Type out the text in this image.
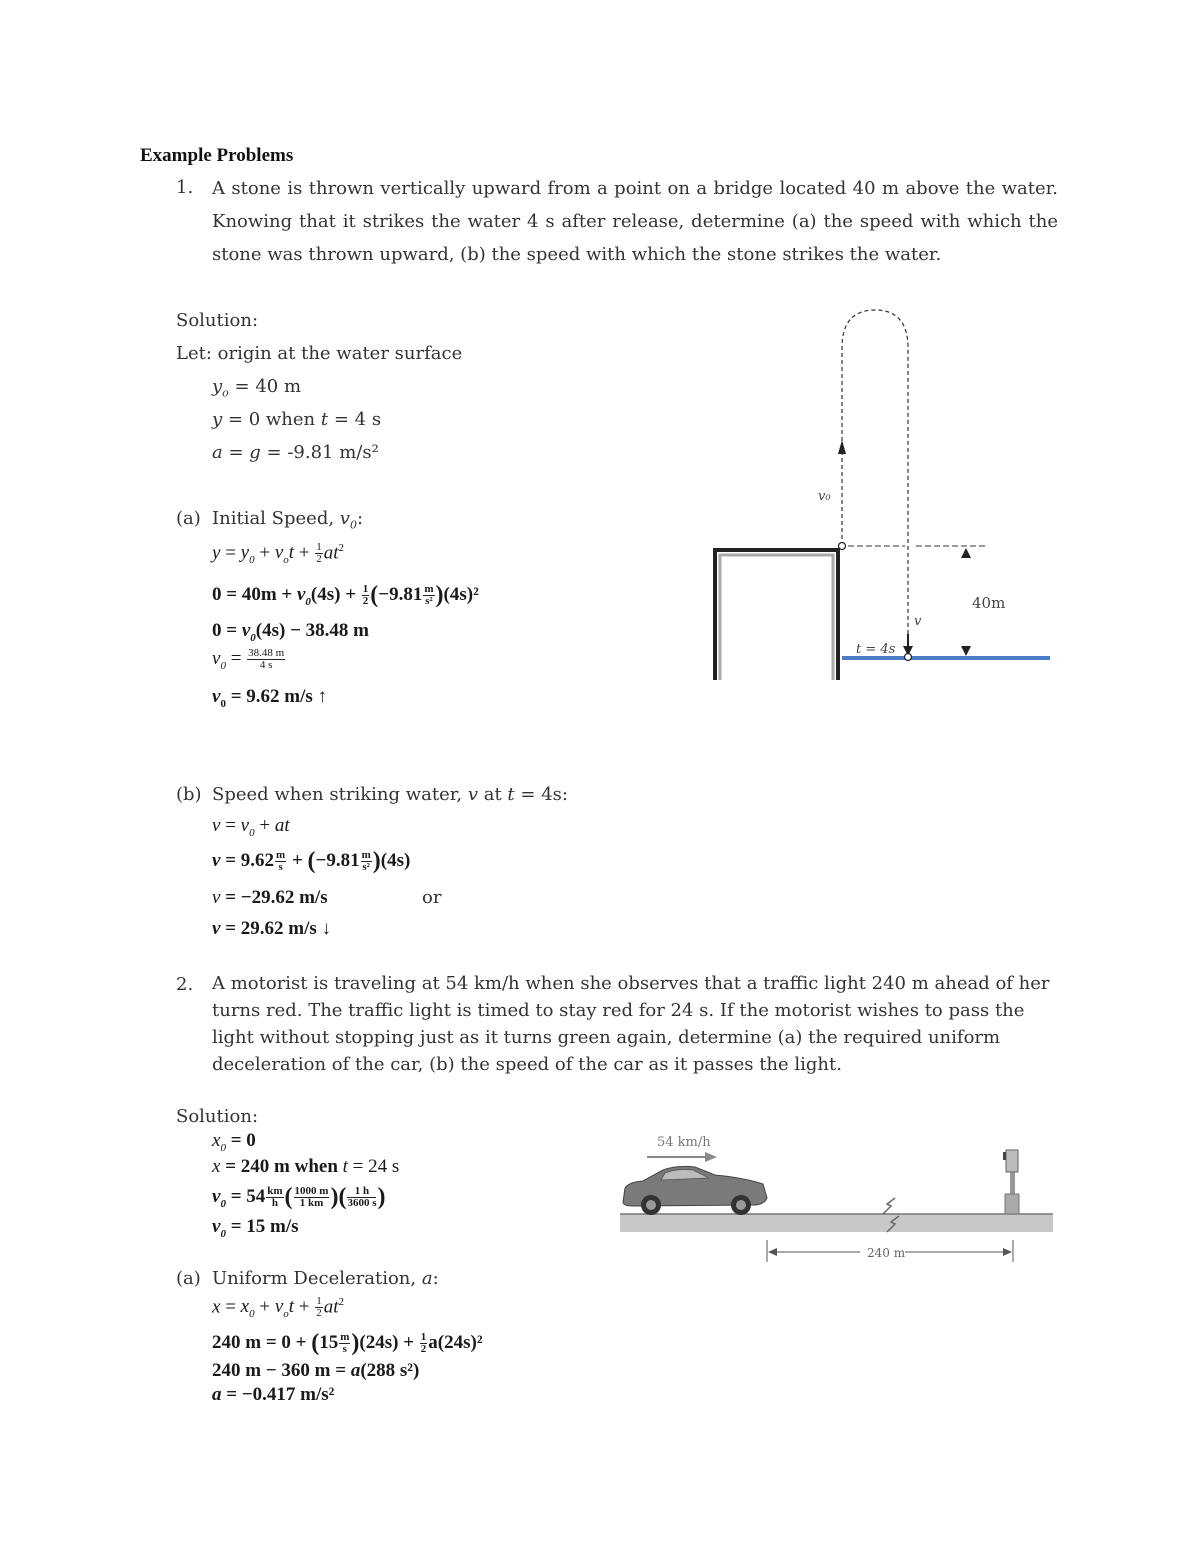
Example Problems
1. A stone is thrown vertically upward from a point on a bridge located 40 m above the water. Knowing that it strikes the water 4 s after release, determine (a) the speed with which the stone was thrown upward, (b) the speed with which the stone strikes the water.
Solution:
Let: origin at the water surface
$y_o = 40$ m
y = 0 when t = 4 s
a = g = -9.81 m/s²
(a) Initial Speed, $v_0$:
$y = y_0 + v_ot + \frac{1}{2} at^2$
$0 = 40m + v_0(4s) + \frac{1}{2} (-9.81 \frac{m}{\text{s²}} )(4s)^2$
$0 = v_0(4s) - 38.48$ m
$v_0 = \frac{38.48 m}{4 s}$
$v_0 = 9.62$ m/s ↑
(b) Speed when striking water, v at t = 4s:
$v = v_0$ + at
$v = 9.62 \frac{m}{s} + (-9.81 \frac{m}{\text{s²}} )(4s)$
v = −29.62 m/s	or
v = 29.62 m/s ↓
v₀
v
40m
t = 4s
2. A motorist is traveling at 54 km/h when she observes that a traffic light 240 m ahead of her turns red. The traffic light is timed to stay red for 24 s. If the motorist wishes to pass the light without stopping just as it turns green again, determine (a) the required uniform deceleration of the car, (b) the speed of the car as it passes the light.
Solution:
$x_0 = 0$
x = 240 m when t = 24 s
$v_0 = 54 \frac{km}{h}$ ( $\frac{1000 m}{1 km}$ )( $\frac{1 h}{3600 s}$ )
$v_0 = 15$ m/s
(a) Uniform Deceleration, a:
$x = x_0 + v_ot + \frac{1}{2} at^2$
240 $m = 0 + (15 \frac{m}{s} )(24s) + \frac{1}{2} a(24s)^2$
240 m − 360 m = a(288 s²)
a = −0.417 m/s²
54 km/h
240 m
